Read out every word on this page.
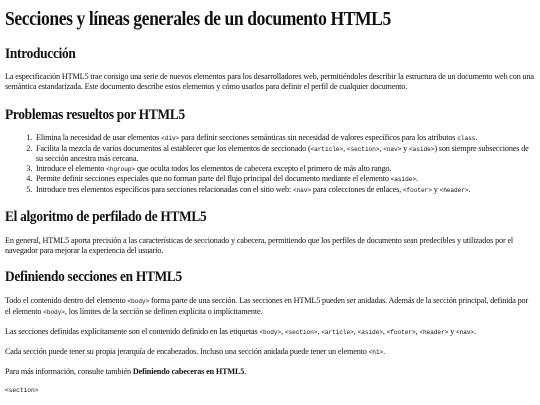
Secciones y líneas generales de un documento HTML5
Introducción

La especificación HTML5 trae consigo una serie de nuevos elementos para los desarrolladores web, permitiéndoles describir la estructura de un documento web con una semántica estandarizada. Este documento describe estos elementos y cómo usarlos para definir el perfil de cualquier documento.

Problemas resueltos por HTML5
1. Elimina la necesidad de usar elementos <div> para definir secciones semánticas sin necesidad de valores específicos para los atributos class.
2. Facilita la mezcla de varios documentos al establecer que los elementos de seccionado (<article>, <section>, <nav> y <aside>) son siempre subsecciones de su sección ancestra más cercana.
3. Introduce el elemento <hgroup> que oculta todos los elementos de cabecera excepto el primero de más alto rango.
4. Permite definir secciones especiales que no forman parte del flujo principal del documento mediante el elemento <aside>.
5. Introduce tres elementos específicos para secciones relacionadas con el sitio web: <nav> para colecciones de enlaces, <footer> y <header>.
El algoritmo de perfilado de HTML5

En general, HTML5 aporta precisión a las características de seccionado y cabecera, permitiendo que los perfiles de documento sean predecibles y utilizados por el navegador para mejorar la experiencia del usuario.

Definiendo secciones en HTML5

Todo el contenido dentro del elemento <body> forma parte de una sección. Las secciones en HTML5 pueden ser anidadas. Además de la sección principal, definida por el elemento <body>, los límites de la sección se definen explícita o implícitamente.

Las secciones definidas explícitamente son el contenido definido en las etiquetas <body>, <section>, <article>, <aside>, <footer>, <header> y <nav>.

Cada sección puede tener su propia jerarquía de encabezados. Incluso una sección anidada puede tener un elemento <h1>.

Para más información, consulte también Definiendo cabeceras en HTML5.

<section>
